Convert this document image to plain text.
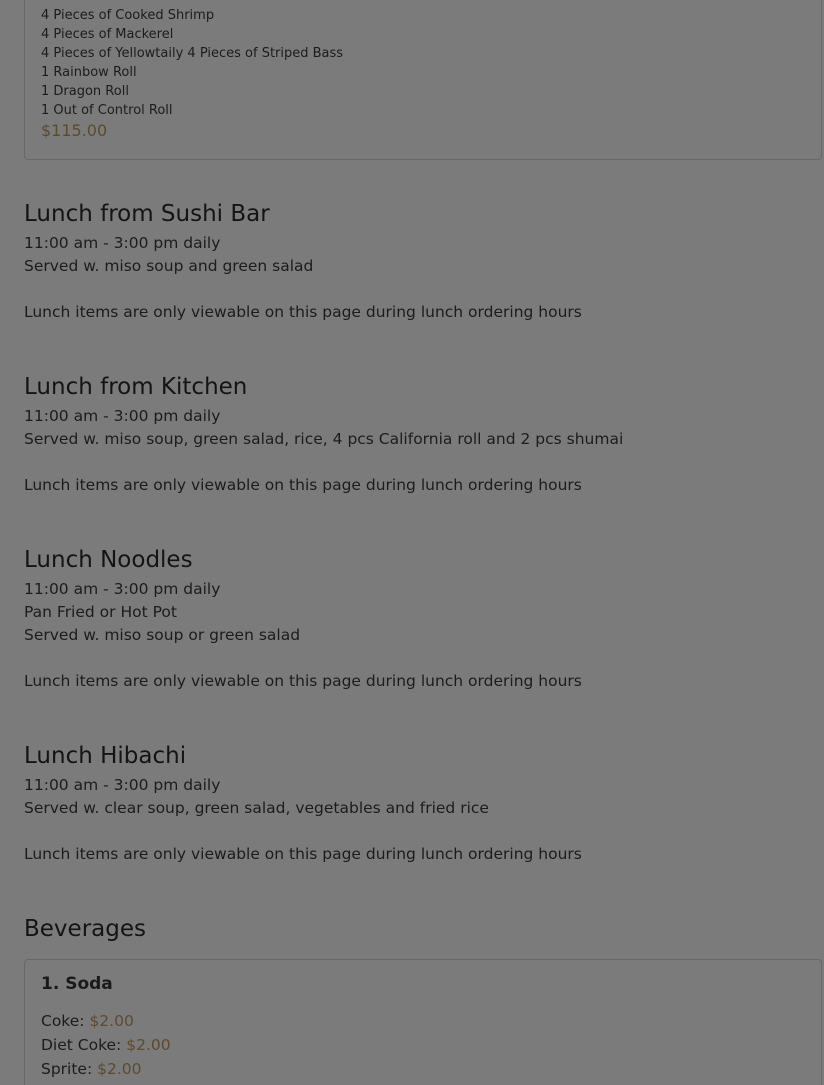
4 Pieces of Cooked Shrimp
4 Pieces of Mackerel
4 Pieces of Yellowtaily 4 Pieces of Striped Bass
1 Rainbow Roll
1 Dragon Roll
1 Out of Control Roll
$115.00
Lunch from Sushi Bar
11:00 am - 3:00 pm daily
Served w. miso soup and green salad
Lunch items are only viewable on this page during lunch ordering hours
Lunch from Kitchen
11:00 am - 3:00 pm daily
Served w. miso soup, green salad, rice, 4 pcs California roll and 2 pcs shumai
Lunch items are only viewable on this page during lunch ordering hours
Lunch Noodles
11:00 am - 3:00 pm daily
Pan Fried or Hot Pot
Served w. miso soup or green salad
Lunch items are only viewable on this page during lunch ordering hours
Lunch Hibachi
11:00 am - 3:00 pm daily
Served w. clear soup, green salad, vegetables and fried rice
Lunch items are only viewable on this page during lunch ordering hours
Beverages
1. Soda
Coke: $2.00
Diet Coke: $2.00
Sprite: $2.00
